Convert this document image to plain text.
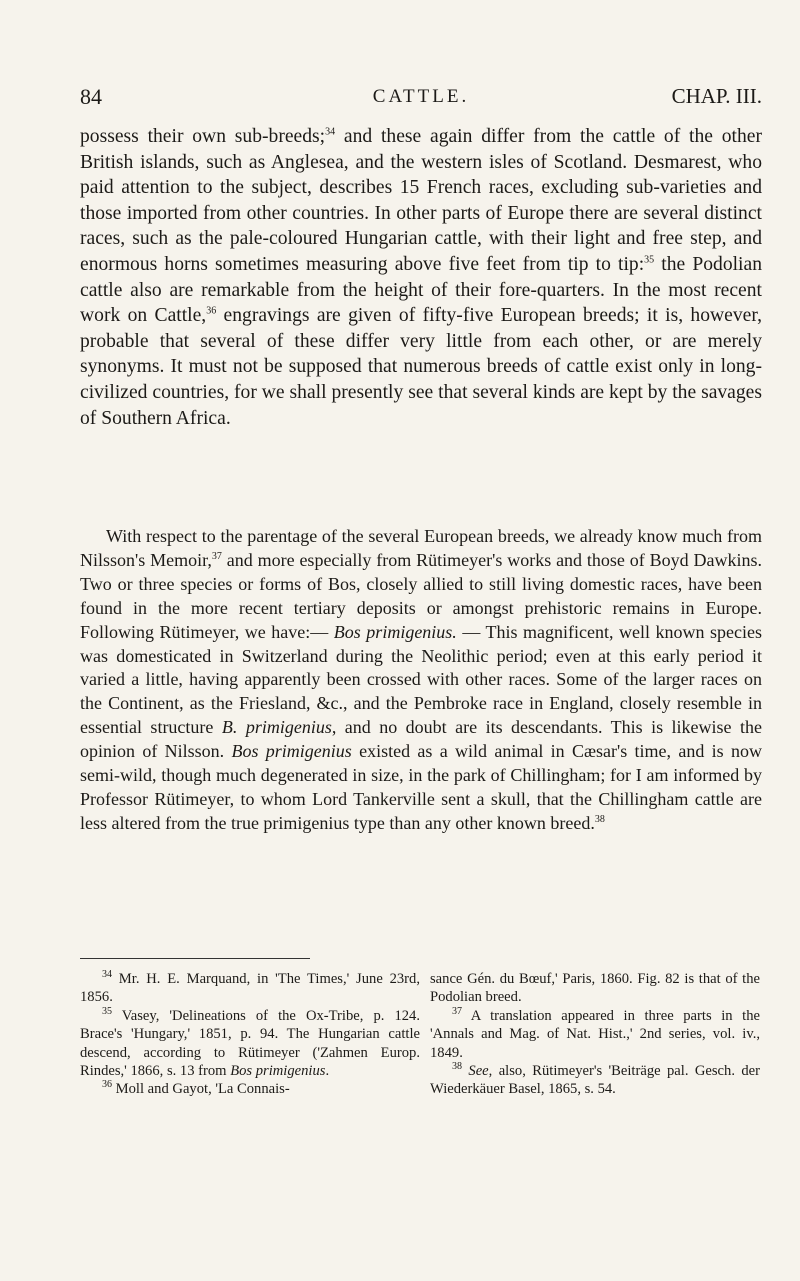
84	CATTLE.	CHAP. III.

possess their own sub-breeds;$^{34}$ and these again differ from the cattle of the other British islands, such as Anglesea, and the western isles of Scotland. Desmarest, who paid attention to the subject, describes 15 French races, excluding sub-varieties and those imported from other countries. In other parts of Europe there are several distinct races, such as the pale-coloured Hungarian cattle, with their light and free step, and enormous horns sometimes measuring above five feet from tip to tip:$^{35}$ the Podolian cattle also are remarkable from the height of their fore-quarters. In the most recent work on Cattle,$^{36}$ engravings are given of fifty-five European breeds; it is, however, probable that several of these differ very little from each other, or are merely synonyms. It must not be supposed that numerous breeds of cattle exist only in long-civilized countries, for we shall presently see that several kinds are kept by the savages of Southern Africa.

With respect to the parentage of the several European breeds, we already know much from Nilsson's Memoir,$^{37}$ and more especially from Rütimeyer's works and those of Boyd Dawkins. Two or three species or forms of Bos, closely allied to still living domestic races, have been found in the more recent tertiary deposits or amongst prehistoric remains in Europe. Following Rütimeyer, we have:— Bos primigenius. — This magnificent, well known species was domesticated in Switzerland during the Neolithic period; even at this early period it varied a little, having apparently been crossed with other races. Some of the larger races on the Continent, as the Friesland, &c., and the Pembroke race in England, closely resemble in essential structure B. primigenius, and no doubt are its descendants. This is likewise the opinion of Nilsson. Bos primigenius existed as a wild animal in Cæsar's time, and is now semi-wild, though much degenerated in size, in the park of Chillingham; for I am informed by Professor Rütimeyer, to whom Lord Tankerville sent a skull, that the Chillingham cattle are less altered from the true primigenius type than any other known breed.$^{38}$

$^{34}$ Mr. H. E. Marquand, in 'The Times,' June 23rd, 1856.

$^{35}$ Vasey, 'Delineations of the Ox-Tribe, p. 124. Brace's 'Hungary,' 1851, p. 94. The Hungarian cattle descend, according to Rütimeyer ('Zahmen Europ. Rindes,' 1866, s. 13 from Bos primigenius.

$^{36}$ Moll and Gayot, 'La Connais-

sance Gén. du Bœuf,' Paris, 1860. Fig. 82 is that of the Podolian breed.

$^{37}$ A translation appeared in three parts in the 'Annals and Mag. of Nat. Hist.,' 2nd series, vol. iv., 1849.

$^{38}$ See, also, Rütimeyer's 'Beiträge pal. Gesch. der Wiederkäuer Basel, 1865, s. 54.
